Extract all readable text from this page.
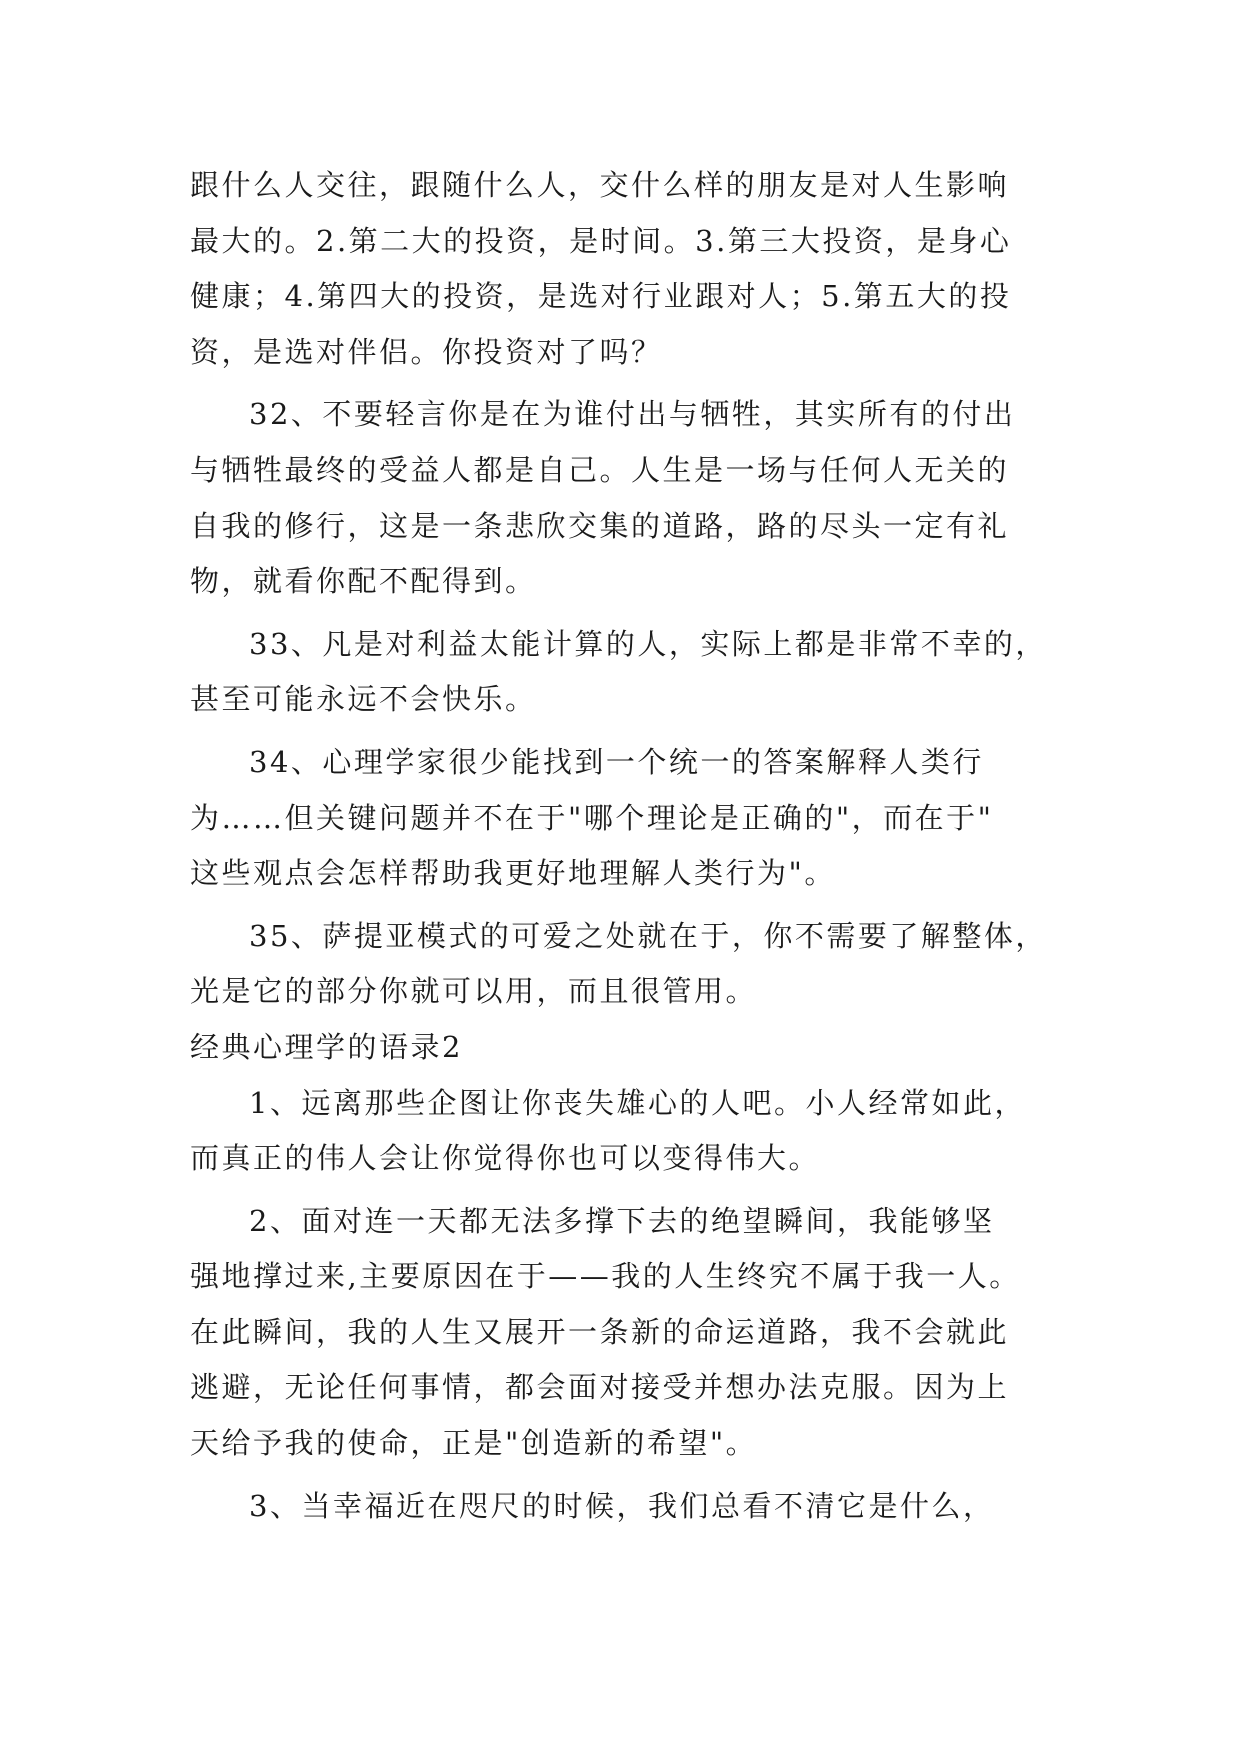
跟什么人交往，跟随什么人，交什么样的朋友是对人生影响
最大的。2.第二大的投资，是时间。3.第三大投资，是身心
健康；4.第四大的投资，是选对行业跟对人；5.第五大的投
资，是选对伴侣。你投资对了吗？
32、不要轻言你是在为谁付出与牺牲，其实所有的付出
与牺牲最终的受益人都是自己。人生是一场与任何人无关的
自我的修行，这是一条悲欣交集的道路，路的尽头一定有礼
物，就看你配不配得到。
33、凡是对利益太能计算的人，实际上都是非常不幸的，
甚至可能永远不会快乐。
34、心理学家很少能找到一个统一的答案解释人类行
为……但关键问题并不在于"哪个理论是正确的"，而在于"
这些观点会怎样帮助我更好地理解人类行为"。
35、萨提亚模式的可爱之处就在于，你不需要了解整体，
光是它的部分你就可以用，而且很管用。
经典心理学的语录2
1、远离那些企图让你丧失雄心的人吧。小人经常如此，
而真正的伟人会让你觉得你也可以变得伟大。
2、面对连一天都无法多撑下去的绝望瞬间，我能够坚
强地撑过来,主要原因在于——我的人生终究不属于我一人。
在此瞬间，我的人生又展开一条新的命运道路，我不会就此
逃避，无论任何事情，都会面对接受并想办法克服。因为上
天给予我的使命，正是"创造新的希望"。
3、当幸福近在咫尺的时候，我们总看不清它是什么，
